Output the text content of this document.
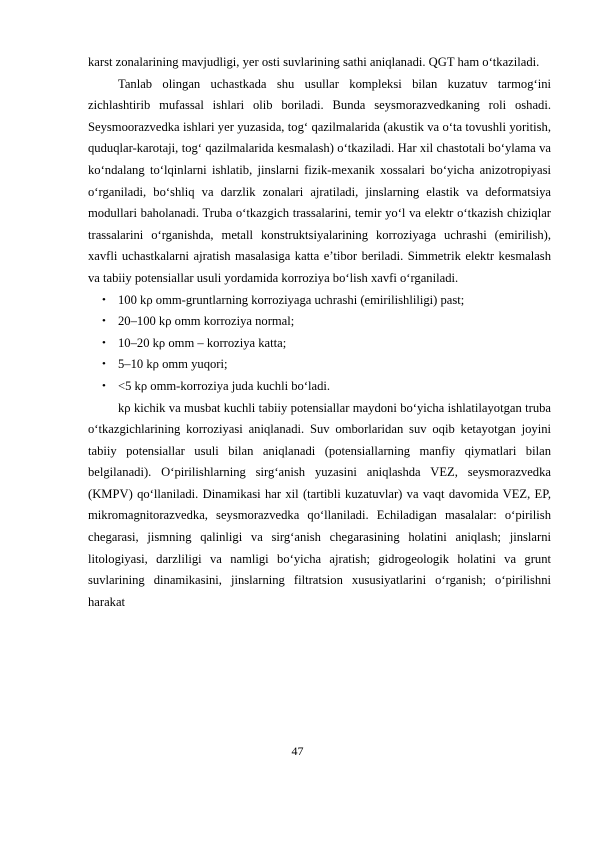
karst zonalarining mavjudligi, yer osti suvlarining sathi aniqlanadi. QGT ham o‘tkaziladi.

Tanlab olingan uchastkada shu usullar kompleksi bilan kuzatuv tarmog‘ini zichlashtirib mufassal ishlari olib boriladi. Bunda seysmorazvedkaning roli oshadi. Seysmoorazvedka ishlari yer yuzasida, tog‘ qazilmalarida (akustik va o‘ta tovushli yoritish, quduqlar-karotaji, tog‘ qazilmalarida kesmalash) o‘tkaziladi. Har xil chastotali bo‘ylama va ko‘ndalang to‘lqinlarni ishlatib, jinslarni fizik-mexanik xossalari bo‘yicha anizotropiyasi o‘rganiladi, bo‘shliq va darzlik zonalari ajratiladi, jinslarning elastik va deformatsiya modullari baholanadi. Truba o‘tkazgich trassalarini, temir yo‘l va elektr o‘tkazish chiziqlar trassalarini o‘rganishda, metall konstruktsiyalarining korroziyaga uchrashi (emirilish), xavfli uchastkalarni ajratish masalasiga katta e’tibor beriladi. Simmetrik elektr kesmalash va tabiiy potensiallar usuli yordamida korroziya bo‘lish xavfi o‘rganiladi.

• 100 kρ omm-gruntlarning korroziyaga uchrashi (emirilishliligi) past;
• 20–100 kρ omm korroziya normal;
• 10–20 kρ omm – korroziya katta;
• 5–10 kρ omm yuqori;
• <5 kρ omm-korroziya juda kuchli bo‘ladi.

kρ kichik va musbat kuchli tabiiy potensiallar maydoni bo‘yicha ishlatilayotgan truba o‘tkazgichlarining korroziyasi aniqlanadi. Suv omborlaridan suv oqib ketayotgan joyini tabiiy potensiallar usuli bilan aniqlanadi (potensiallarning manfiy qiymatlari bilan belgilanadi). O‘pirilishlarning sirg‘anish yuzasini aniqlashda VEZ, seysmorazvedka (KMPV) qo‘llaniladi. Dinamikasi har xil (tartibli kuzatuvlar) va vaqt davomida VEZ, EP, mikromagnitorazvedka, seysmorazvedka qo‘llaniladi. Echiladigan masalalar: o‘pirilish chegarasi, jismning qalinligi va sirg‘anish chegarasining holatini aniqlash; jinslarni litologiyasi, darzliligi va namligi bo‘yicha ajratish; gidrogeologik holatini va grunt suvlarining dinamikasini, jinslarning filtratsion xususiyatlarini o‘rganish; o‘pirilishni harakat

47
